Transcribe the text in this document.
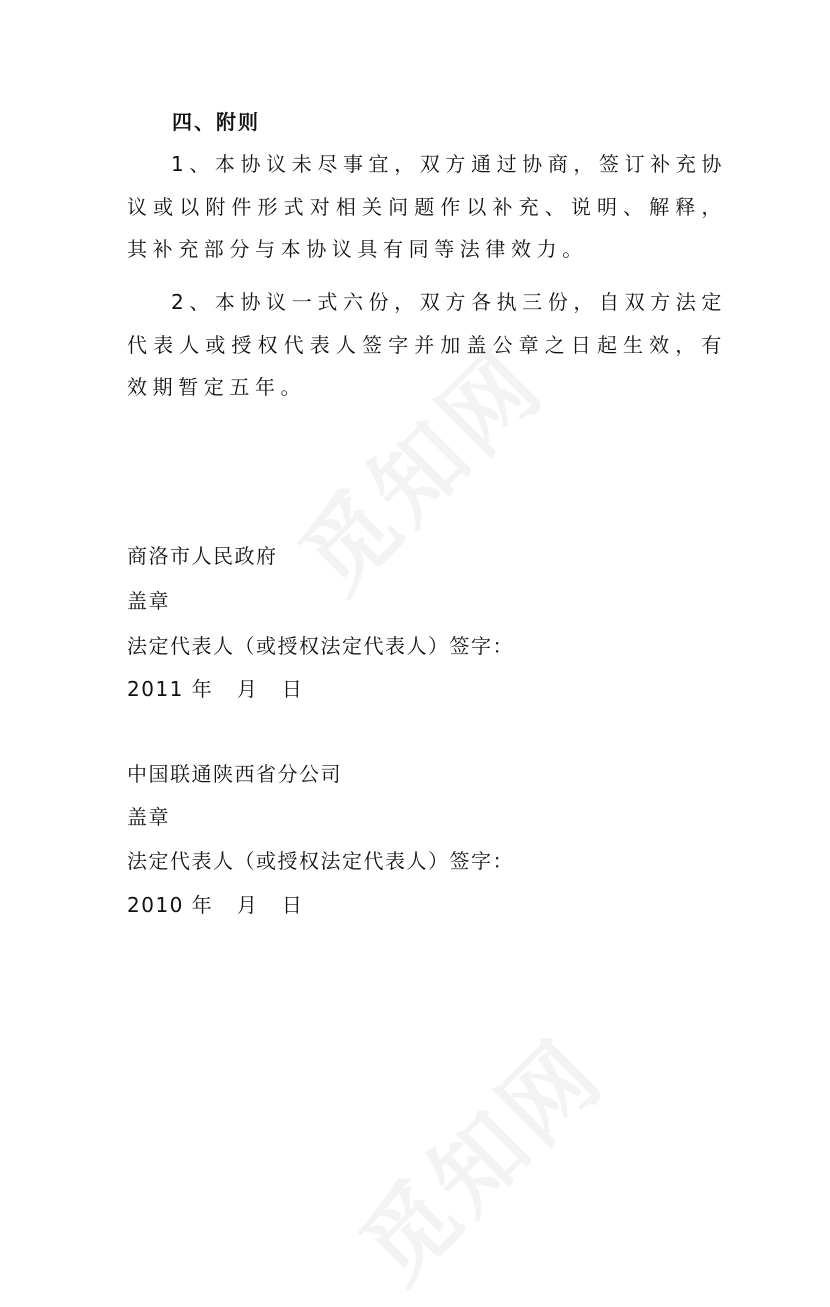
四、附则
1、本协议未尽事宜，双方通过协商，签订补充协议或以附件形式对相关问题作以补充、说明、解释，其补充部分与本协议具有同等法律效力。
2、本协议一式六份，双方各执三份，自双方法定代表人或授权代表人签字并加盖公章之日起生效，有效期暂定五年。
商洛市人民政府
盖章
法定代表人（或授权法定代表人）签字：
2011 年   月   日
中国联通陕西省分公司
盖章
法定代表人（或授权法定代表人）签字：
2010 年   月   日
